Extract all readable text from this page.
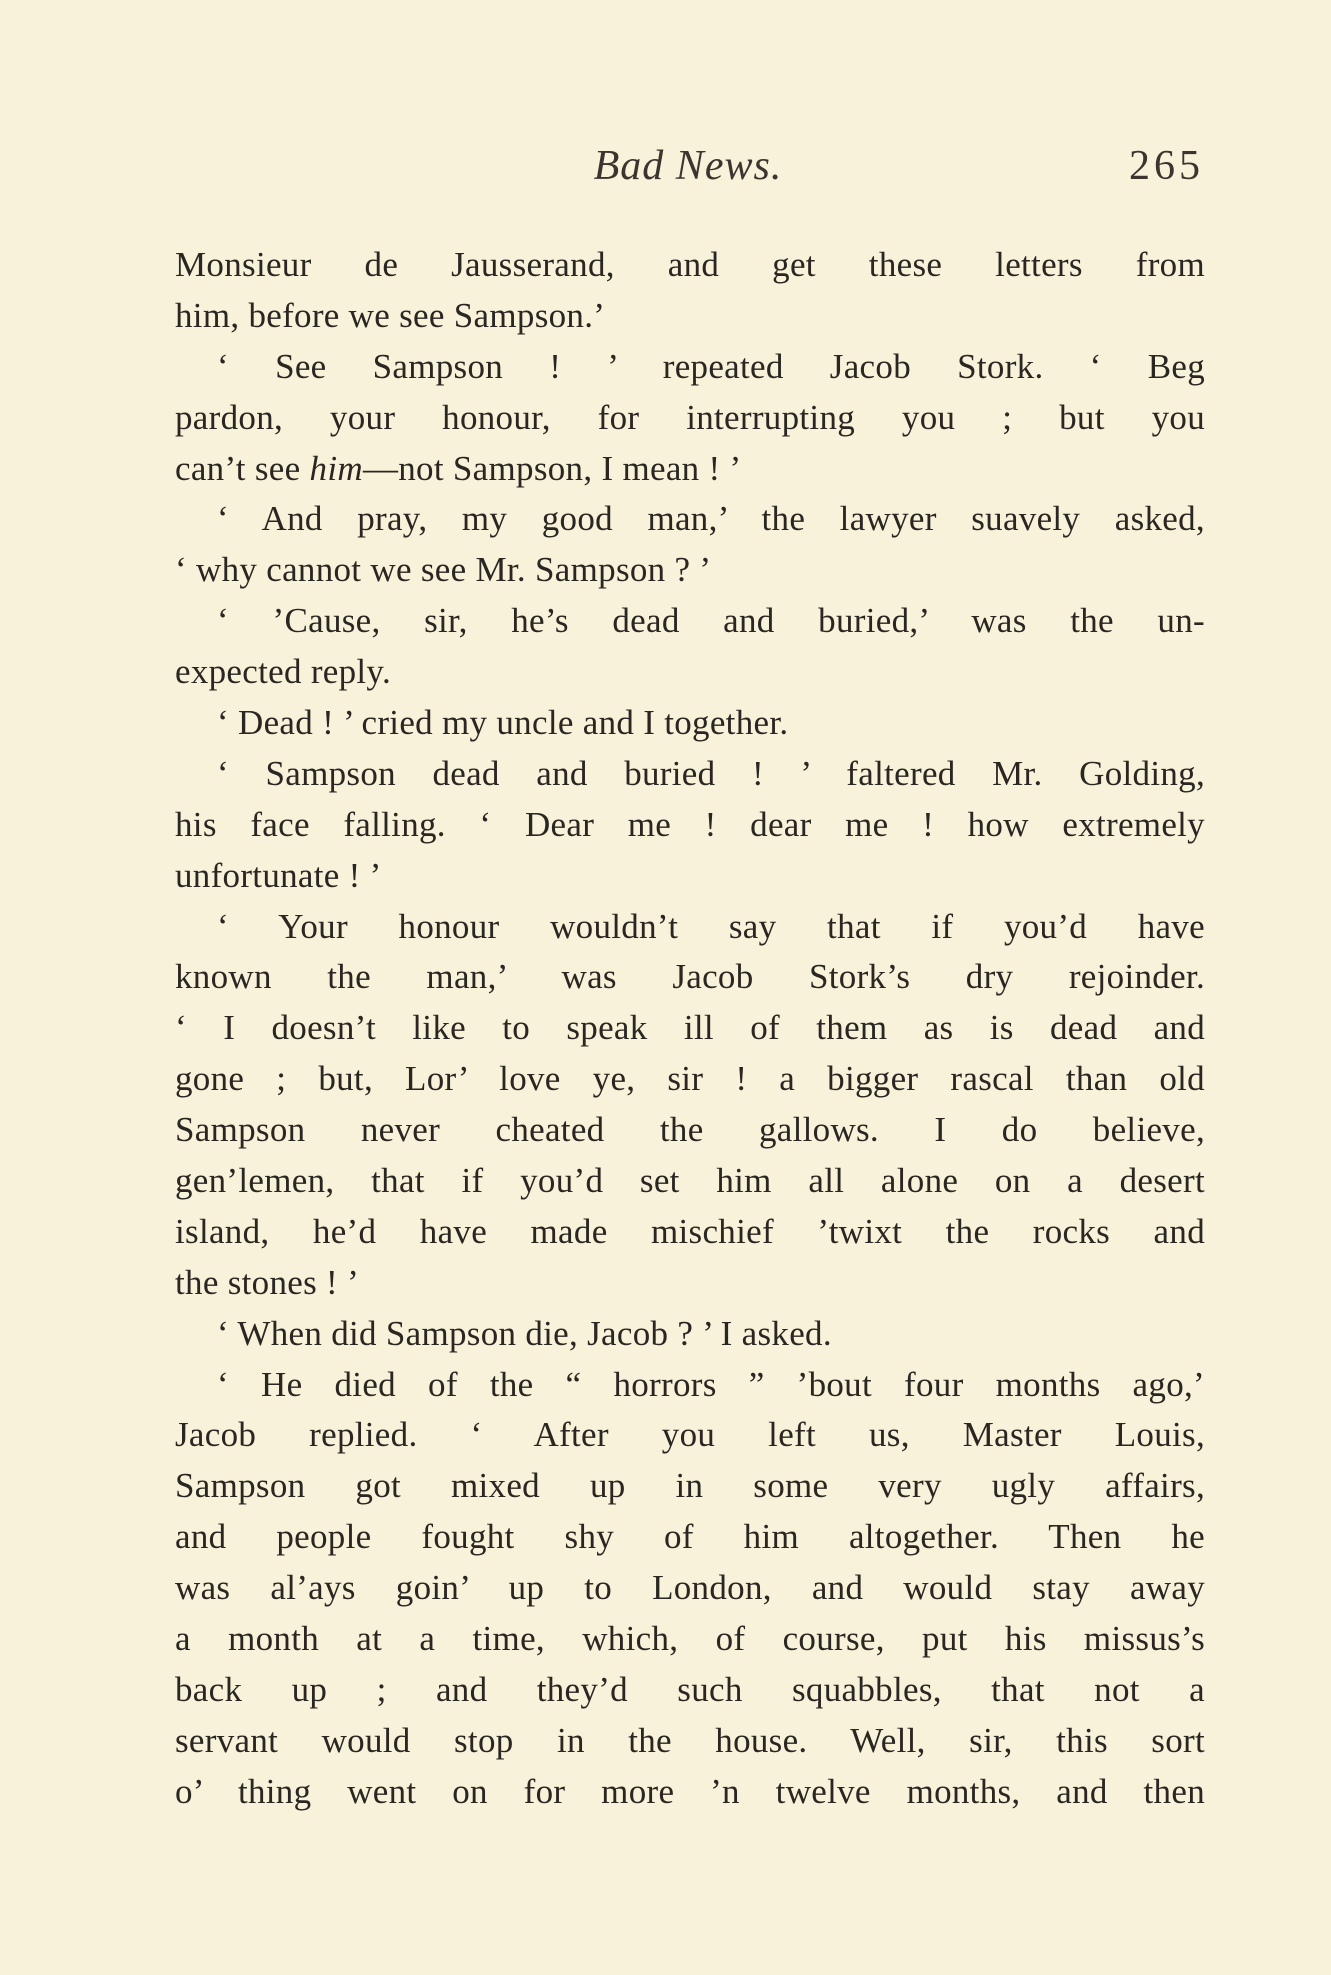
Bad News.	265
Monsieur de Jausserand, and get these letters from
him, before we see Sampson.’
‘ See Sampson ! ’ repeated Jacob Stork. ‘ Beg
pardon, your honour, for interrupting you ; but you
can’t see him—not Sampson, I mean ! ’
‘ And pray, my good man,’ the lawyer suavely asked,
‘ why cannot we see Mr. Sampson ? ’
‘ ’Cause, sir, he’s dead and buried,’ was the un-
expected reply.
‘ Dead ! ’ cried my uncle and I together.
‘ Sampson dead and buried ! ’ faltered Mr. Golding,
his face falling. ‘ Dear me ! dear me ! how extremely
unfortunate ! ’
‘ Your honour wouldn’t say that if you’d have
known the man,’ was Jacob Stork’s dry rejoinder.
‘ I doesn’t like to speak ill of them as is dead and
gone ; but, Lor’ love ye, sir ! a bigger rascal than old
Sampson never cheated the gallows. I do believe,
gen’lemen, that if you’d set him all alone on a desert
island, he’d have made mischief ’twixt the rocks and
the stones ! ’
‘ When did Sampson die, Jacob ? ’ I asked.
‘ He died of the “ horrors ” ’bout four months ago,’
Jacob replied. ‘ After you left us, Master Louis,
Sampson got mixed up in some very ugly affairs,
and people fought shy of him altogether. Then he
was al’ays goin’ up to London, and would stay away
a month at a time, which, of course, put his missus’s
back up ; and they’d such squabbles, that not a
servant would stop in the house. Well, sir, this sort
o’ thing went on for more ’n twelve months, and then
